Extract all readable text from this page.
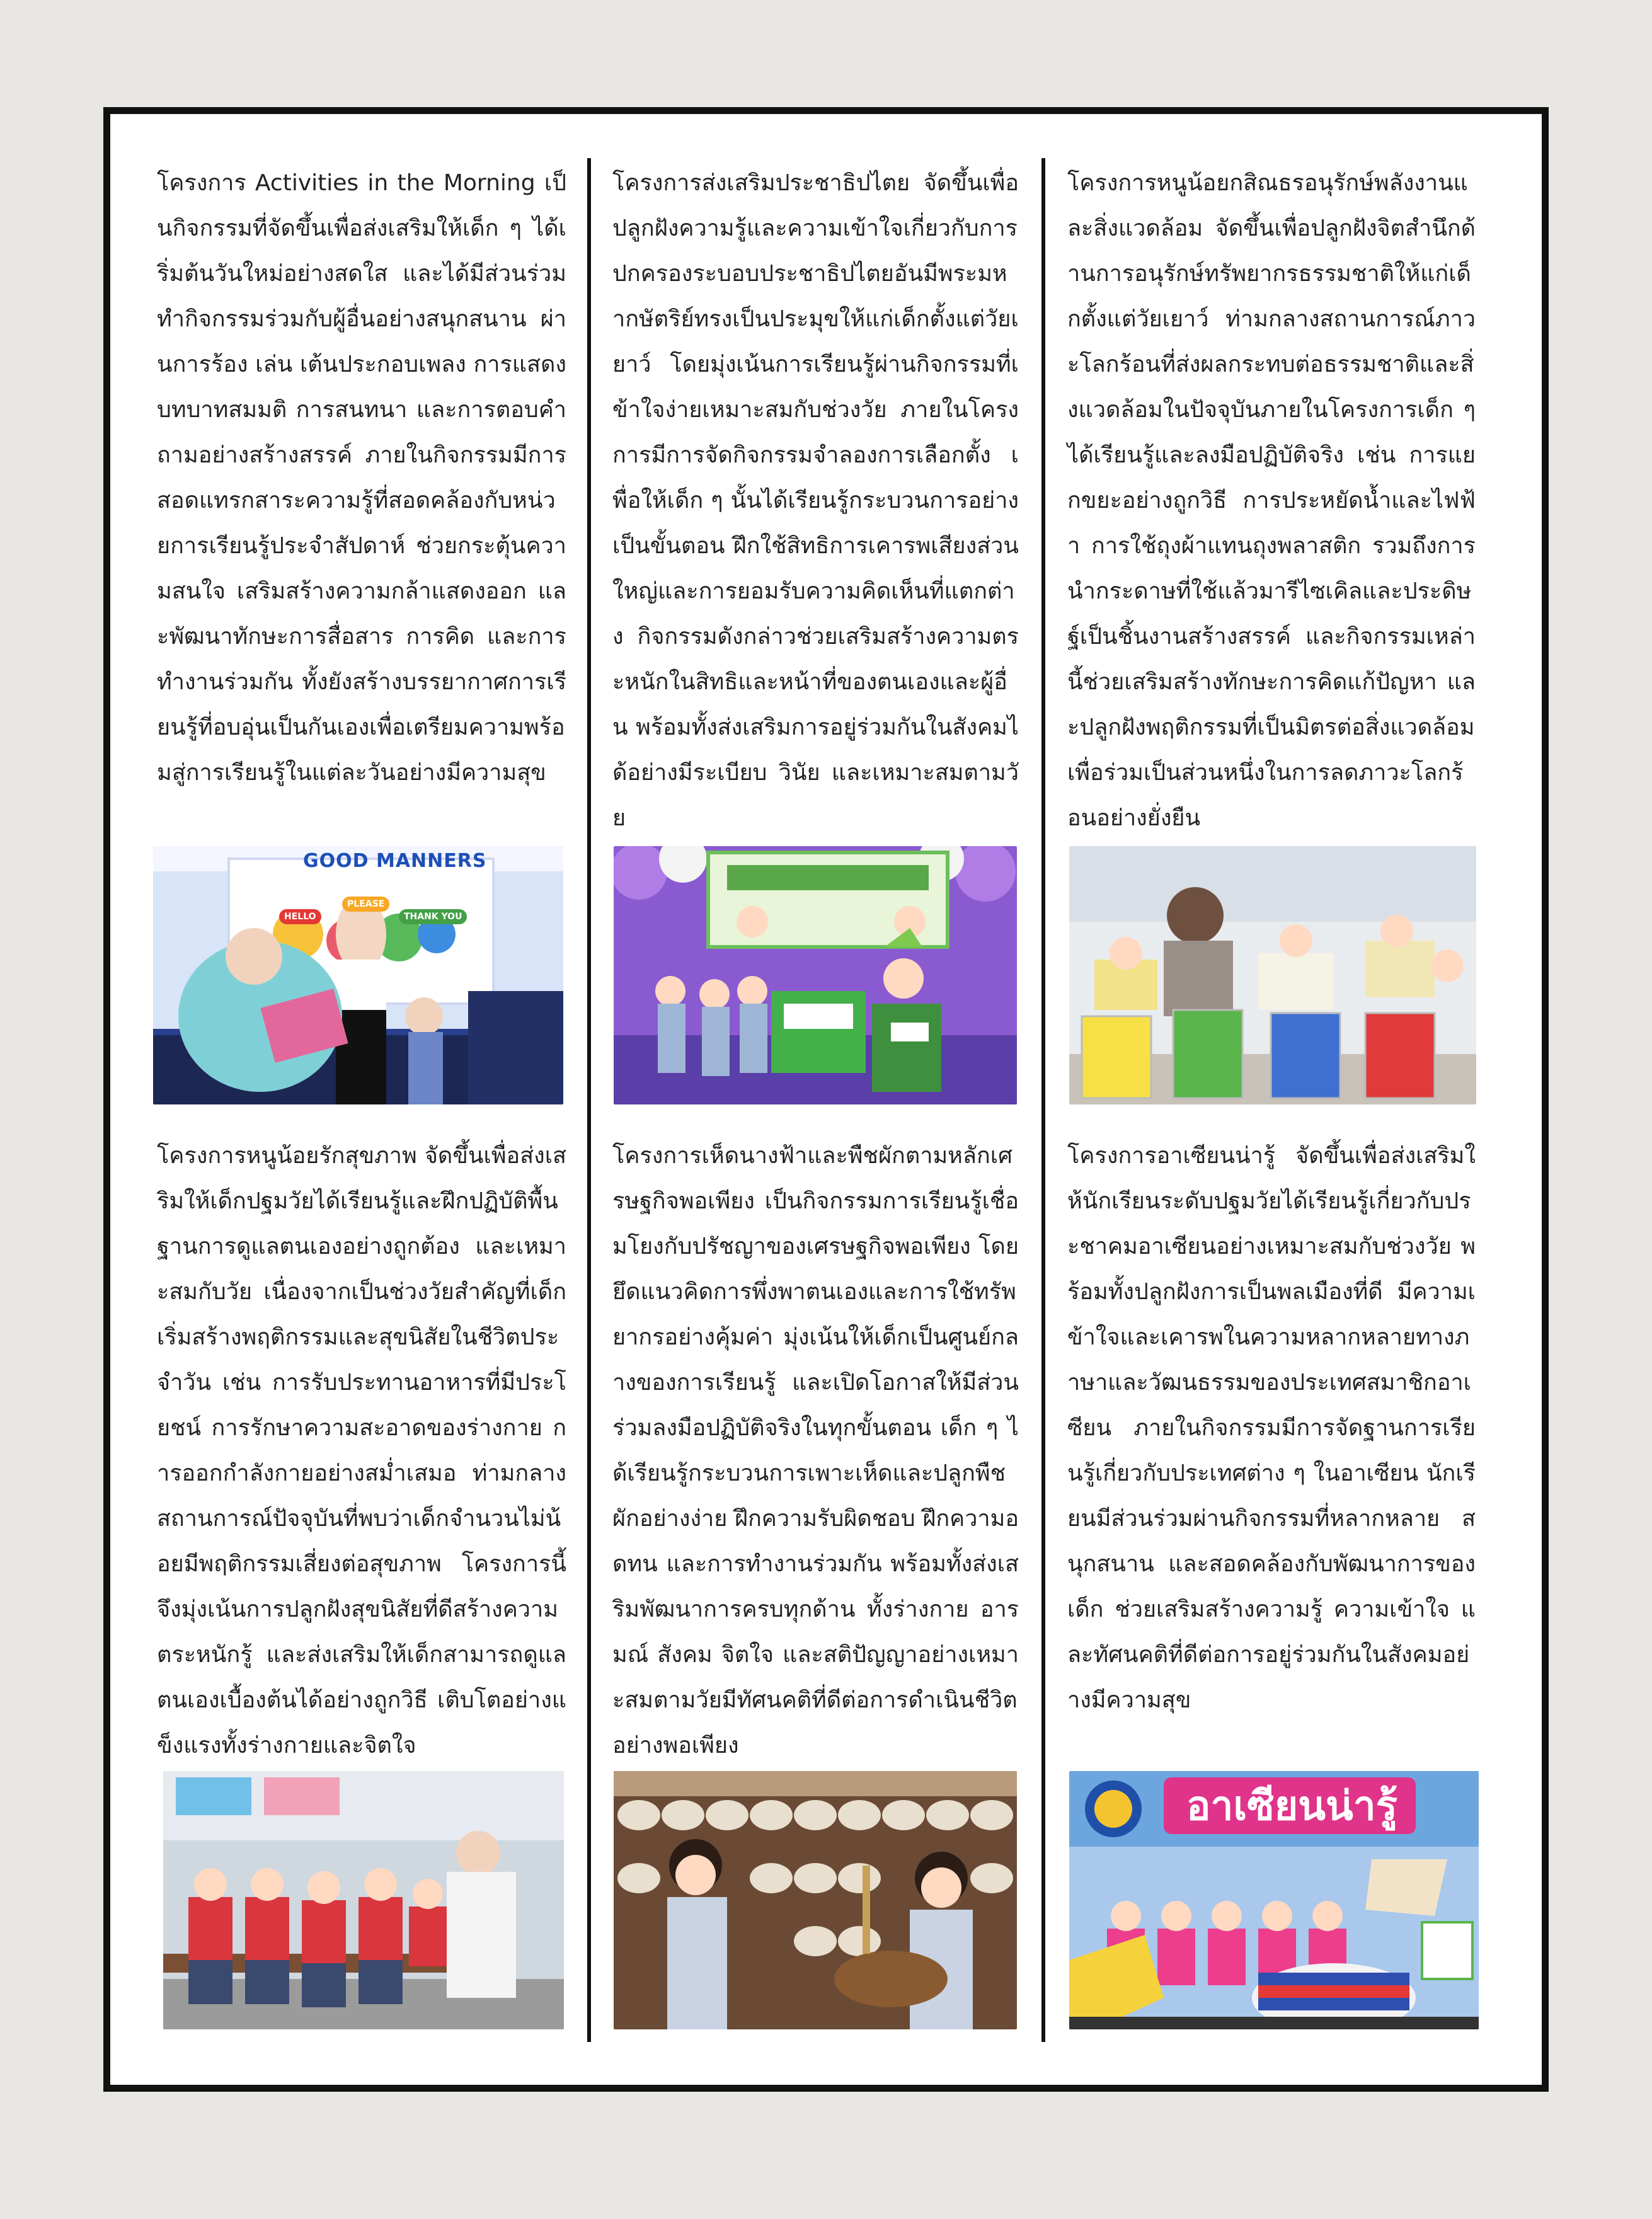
โครงการ Activities in the Morning เป็นกิจกรรมที่จัดขึ้นเพื่อส่งเสริมให้เด็ก ๆ ได้เริ่มต้นวันใหม่อย่างสดใส และได้มีส่วนร่วมทำกิจกรรมร่วมกับผู้อื่นอย่างสนุกสนาน ผ่านการร้อง เล่น เต้นประกอบเพลง การแสดงบทบาทสมมติ การสนทนา และการตอบคำถามอย่างสร้างสรรค์ ภายในกิจกรรมมีการสอดแทรกสาระความรู้ที่สอดคล้องกับหน่วยการเรียนรู้ประจำสัปดาห์ ช่วยกระตุ้นความสนใจ เสริมสร้างความกล้าแสดงออก และพัฒนาทักษะการสื่อสาร การคิด และการทำงานร่วมกัน ทั้งยังสร้างบรรยากาศการเรียนรู้ที่อบอุ่นเป็นกันเองเพื่อเตรียมความพร้อมสู่การเรียนรู้ในแต่ละวันอย่างมีความสุข

GOOD MANNERS
HELLO
PLEASE
THANK YOU

โครงการส่งเสริมประชาธิปไตย จัดขึ้นเพื่อปลูกฝังความรู้และความเข้าใจเกี่ยวกับการปกครองระบอบประชาธิปไตยอันมีพระมหากษัตริย์ทรงเป็นประมุขให้แก่เด็กตั้งแต่วัยเยาว์ โดยมุ่งเน้นการเรียนรู้ผ่านกิจกรรมที่เข้าใจง่ายเหมาะสมกับช่วงวัย ภายในโครงการมีการจัดกิจกรรมจำลองการเลือกตั้ง เพื่อให้เด็ก ๆ นั้นได้เรียนรู้กระบวนการอย่างเป็นขั้นตอน ฝึกใช้สิทธิการเคารพเสียงส่วนใหญ่และการยอมรับความคิดเห็นที่แตกต่าง กิจกรรมดังกล่าวช่วยเสริมสร้างความตระหนักในสิทธิและหน้าที่ของตนเองและผู้อื่น พร้อมทั้งส่งเสริมการอยู่ร่วมกันในสังคมได้อย่างมีระเบียบ วินัย และเหมาะสมตามวัย

โครงการหนูน้อยกสิณธรอนุรักษ์พลังงานและสิ่งแวดล้อม จัดขึ้นเพื่อปลูกฝังจิตสำนึกด้านการอนุรักษ์ทรัพยากรธรรมชาติให้แก่เด็กตั้งแต่วัยเยาว์ ท่ามกลางสถานการณ์ภาวะโลกร้อนที่ส่งผลกระทบต่อธรรมชาติและสิ่งแวดล้อมในปัจจุบันภายในโครงการเด็ก ๆ ได้เรียนรู้และลงมือปฏิบัติจริง เช่น การแยกขยะอย่างถูกวิธี การประหยัดน้ำและไฟฟ้า การใช้ถุงผ้าแทนถุงพลาสติก รวมถึงการนำกระดาษที่ใช้แล้วมารีไซเคิลและประดิษฐ์เป็นชิ้นงานสร้างสรรค์ และกิจกรรมเหล่านี้ช่วยเสริมสร้างทักษะการคิดแก้ปัญหา และปลูกฝังพฤติกรรมที่เป็นมิตรต่อสิ่งแวดล้อม เพื่อร่วมเป็นส่วนหนึ่งในการลดภาวะโลกร้อนอย่างยั่งยืน

โครงการหนูน้อยรักสุขภาพ จัดขึ้นเพื่อส่งเสริมให้เด็กปฐมวัยได้เรียนรู้และฝึกปฏิบัติพื้นฐานการดูแลตนเองอย่างถูกต้อง และเหมาะสมกับวัย เนื่องจากเป็นช่วงวัยสำคัญที่เด็กเริ่มสร้างพฤติกรรมและสุขนิสัยในชีวิตประจำวัน เช่น การรับประทานอาหารที่มีประโยชน์ การรักษาความสะอาดของร่างกาย การออกกำลังกายอย่างสม่ำเสมอ ท่ามกลางสถานการณ์ปัจจุบันที่พบว่าเด็กจำนวนไม่น้อยมีพฤติกรรมเสี่ยงต่อสุขภาพ โครงการนี้จึงมุ่งเน้นการปลูกฝังสุขนิสัยที่ดีสร้างความตระหนักรู้ และส่งเสริมให้เด็กสามารถดูแลตนเองเบื้องต้นได้อย่างถูกวิธี เติบโตอย่างแข็งแรงทั้งร่างกายและจิตใจ

โครงการเห็ดนางฟ้าและพืชผักตามหลักเศรษฐกิจพอเพียง เป็นกิจกรรมการเรียนรู้เชื่อมโยงกับปรัชญาของเศรษฐกิจพอเพียง โดยยึดแนวคิดการพึ่งพาตนเองและการใช้ทรัพยากรอย่างคุ้มค่า มุ่งเน้นให้เด็กเป็นศูนย์กลางของการเรียนรู้ และเปิดโอกาสให้มีส่วนร่วมลงมือปฏิบัติจริงในทุกขั้นตอน เด็ก ๆ ได้เรียนรู้กระบวนการเพาะเห็ดและปลูกพืชผักอย่างง่าย ฝึกความรับผิดชอบ ฝึกความอดทน และการทำงานร่วมกัน พร้อมทั้งส่งเสริมพัฒนาการครบทุกด้าน ทั้งร่างกาย อารมณ์ สังคม จิตใจ และสติปัญญาอย่างเหมาะสมตามวัยมีทัศนคติที่ดีต่อการดำเนินชีวิตอย่างพอเพียง

โครงการอาเซียนน่ารู้ จัดขึ้นเพื่อส่งเสริมให้นักเรียนระดับปฐมวัยได้เรียนรู้เกี่ยวกับประชาคมอาเซียนอย่างเหมาะสมกับช่วงวัย พร้อมทั้งปลูกฝังการเป็นพลเมืองที่ดี มีความเข้าใจและเคารพในความหลากหลายทางภาษาและวัฒนธรรมของประเทศสมาชิกอาเซียน ภายในกิจกรรมมีการจัดฐานการเรียนรู้เกี่ยวกับประเทศต่าง ๆ ในอาเซียน นักเรียนมีส่วนร่วมผ่านกิจกรรมที่หลากหลาย สนุกสนาน และสอดคล้องกับพัฒนาการของเด็ก ช่วยเสริมสร้างความรู้ ความเข้าใจ และทัศนคติที่ดีต่อการอยู่ร่วมกันในสังคมอย่างมีความสุข

อาเซียนน่ารู้
